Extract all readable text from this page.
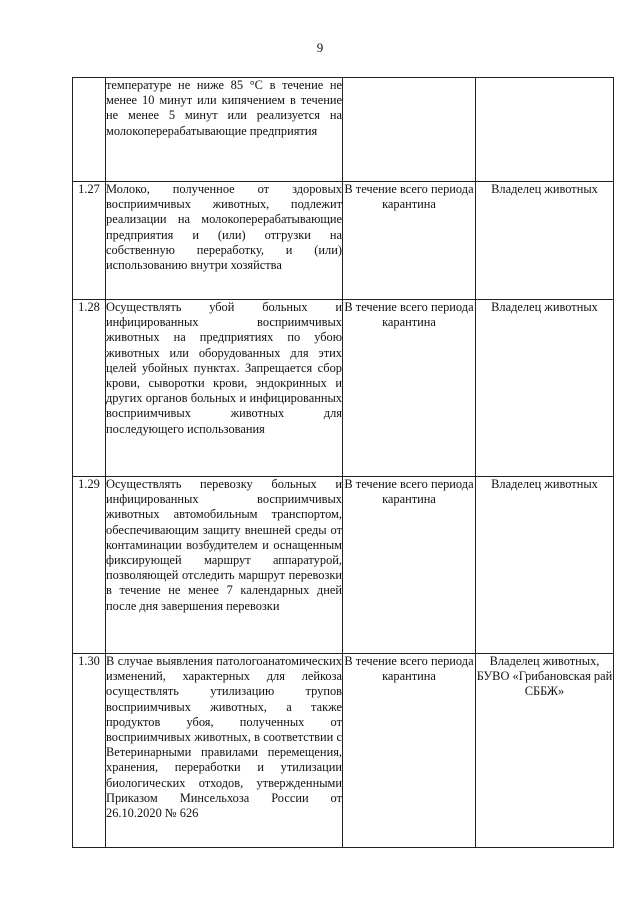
9

	температуре не ниже 85 °С в течение не менее 10 минут или кипячением в течение не менее 5 минут или реализуется на молокоперерабатывающие предприятия		

1.27	Молоко, полученное от здоровых восприимчивых животных, подлежит реализации на молокоперерабатывающие предприятия и (или) отгрузки на собственную переработку, и (или) использованию внутри хозяйства	В течение всего периода карантина	Владелец животных
1.28	Осуществлять убой больных и инфицированных восприимчивых животных на предприятиях по убою животных или оборудованных для этих целей убойных пунктах. Запрещается сбор крови, сыворотки крови, эндокринных и других органов больных и инфицированных восприимчивых животных для последующего использования	В течение всего периода карантина	Владелец животных
1.29	Осуществлять перевозку больных и инфицированных восприимчивых животных автомобильным транспортом, обеспечивающим защиту внешней среды от контаминации возбудителем и оснащенным фиксирующей маршрут аппаратурой, позволяющей отследить маршрут перевозки в течение не менее 7 календарных дней после дня завершения перевозки	В течение всего периода карантина	Владелец животных
1.30	В случае выявления патологоанатомических изменений, характерных для лейкоза осуществлять утилизацию трупов восприимчивых животных, а также продуктов убоя, полученных от восприимчивых животных, в соответствии с Ветеринарными правилами перемещения, хранения, переработки и утилизации биологических отходов, утвержденными Приказом Минсельхоза России от 26.10.2020 № 626	В течение всего периода карантина	Владелец животных, БУВО «Грибановская рай СББЖ»
